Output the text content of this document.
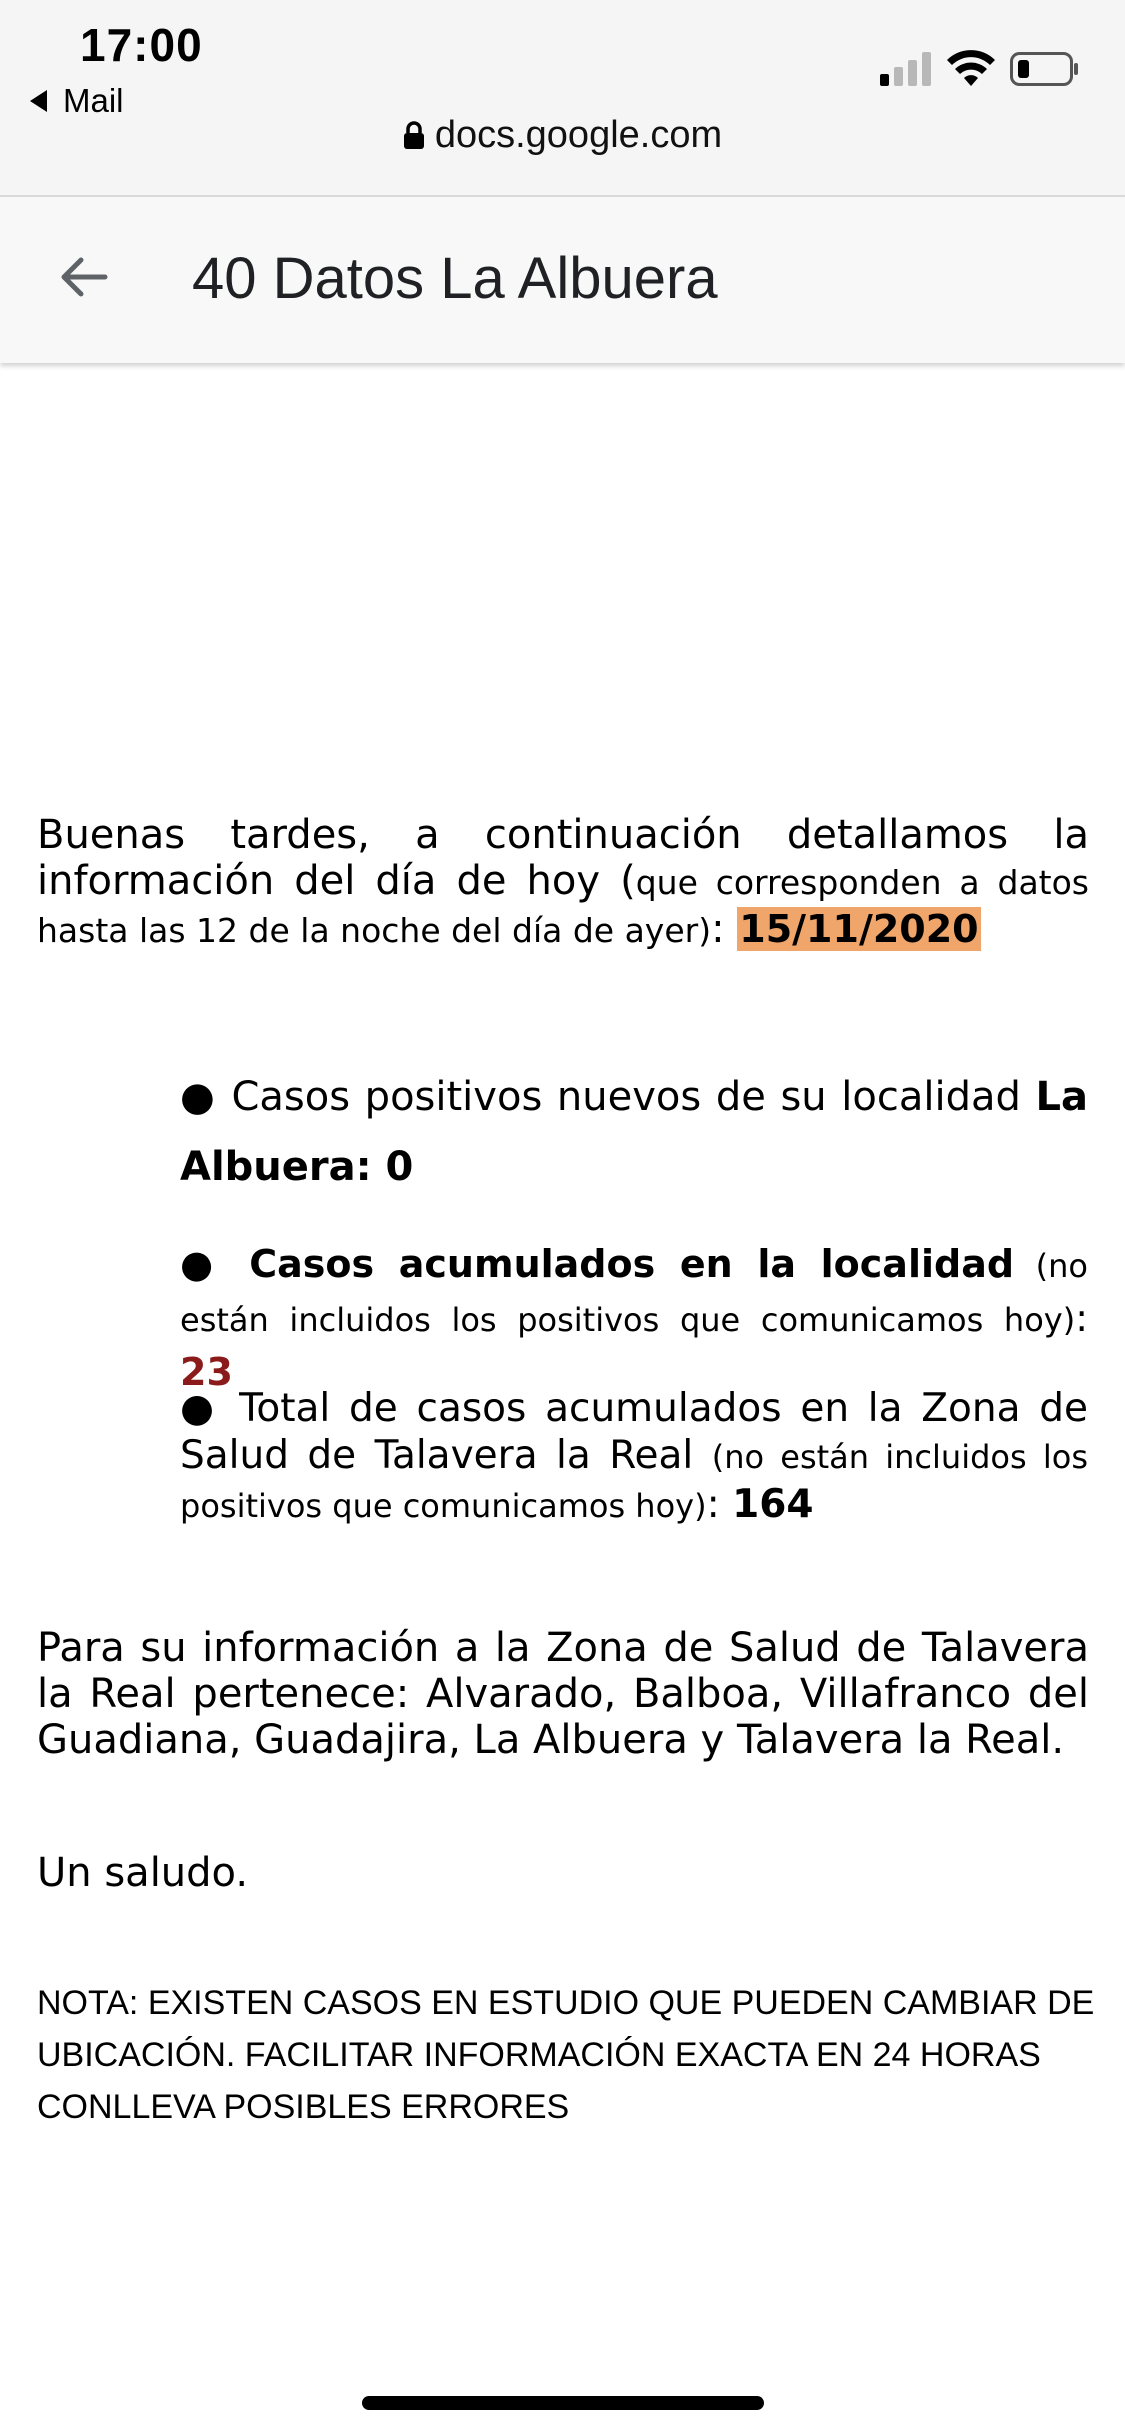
17:00
Mail
docs.google.com
40 Datos La Albuera
Buenas tardes, a continuación detallamos la información del día de hoy (que corresponden a datos hasta las 12 de la noche del día de ayer): 15/11/2020
● Casos positivos nuevos de su localidad La Albuera: 0
● Casos acumulados en la localidad (no están incluidos los positivos que comunicamos hoy): 23
● Total de casos acumulados en la Zona de Salud de Talavera la Real (no están incluidos los positivos que comunicamos hoy): 164
Para su información a la Zona de Salud de Talavera la Real pertenece: Alvarado, Balboa, Villafranco del Guadiana, Guadajira, La Albuera y Talavera la Real.
Un saludo.
NOTA: EXISTEN CASOS EN ESTUDIO QUE PUEDEN CAMBIAR DE UBICACIÓN. FACILITAR INFORMACIÓN EXACTA EN 24 HORAS CONLLEVA POSIBLES ERRORES
